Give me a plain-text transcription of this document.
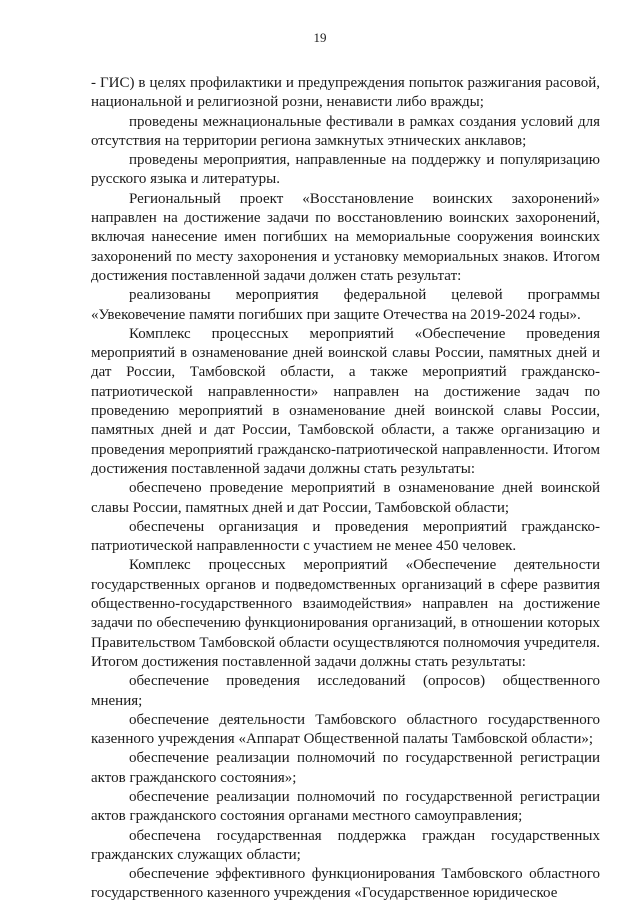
19

- ГИС) в целях профилактики и предупреждения попыток разжигания расовой, национальной и религиозной розни, ненависти либо вражды;

проведены межнациональные фестивали в рамках создания условий для отсутствия на территории региона замкнутых этнических анклавов;

проведены мероприятия, направленные на поддержку и популяризацию русского языка и литературы.

Региональный проект «Восстановление воинских захоронений» направлен на достижение задачи по восстановлению воинских захоронений, включая нанесение имен погибших на мемориальные сооружения воинских захоронений по месту захоронения и установку мемориальных знаков. Итогом достижения поставленной задачи должен стать результат:

реализованы мероприятия федеральной целевой программы «Увековечение памяти погибших при защите Отечества на 2019-2024 годы».

Комплекс процессных мероприятий «Обеспечение проведения мероприятий в ознаменование дней воинской славы России, памятных дней и дат России, Тамбовской области, а также мероприятий гражданско-патриотической направленности» направлен на достижение задач по проведению мероприятий в ознаменование дней воинской славы России, памятных дней и дат России, Тамбовской области, а также организацию и проведения мероприятий гражданско-патриотической направленности. Итогом достижения поставленной задачи должны стать результаты:

обеспечено проведение мероприятий в ознаменование дней воинской славы России, памятных дней и дат России, Тамбовской области;

обеспечены организация и проведения мероприятий гражданско-патриотической направленности с участием не менее 450 человек.

Комплекс процессных мероприятий «Обеспечение деятельности государственных органов и подведомственных организаций в сфере развития общественно-государственного взаимодействия» направлен на достижение задачи по обеспечению функционирования организаций, в отношении которых Правительством Тамбовской области осуществляются полномочия учредителя. Итогом достижения поставленной задачи должны стать результаты:

обеспечение проведения исследований (опросов) общественного мнения;

обеспечение деятельности Тамбовского областного государственного казенного учреждения «Аппарат Общественной палаты Тамбовской области»;

обеспечение реализации полномочий по государственной регистрации актов гражданского состояния»;

обеспечение реализации полномочий по государственной регистрации актов гражданского состояния органами местного самоуправления;

обеспечена государственная поддержка граждан государственных гражданских служащих области;

обеспечение эффективного функционирования Тамбовского областного государственного казенного учреждения «Государственное юридическое
